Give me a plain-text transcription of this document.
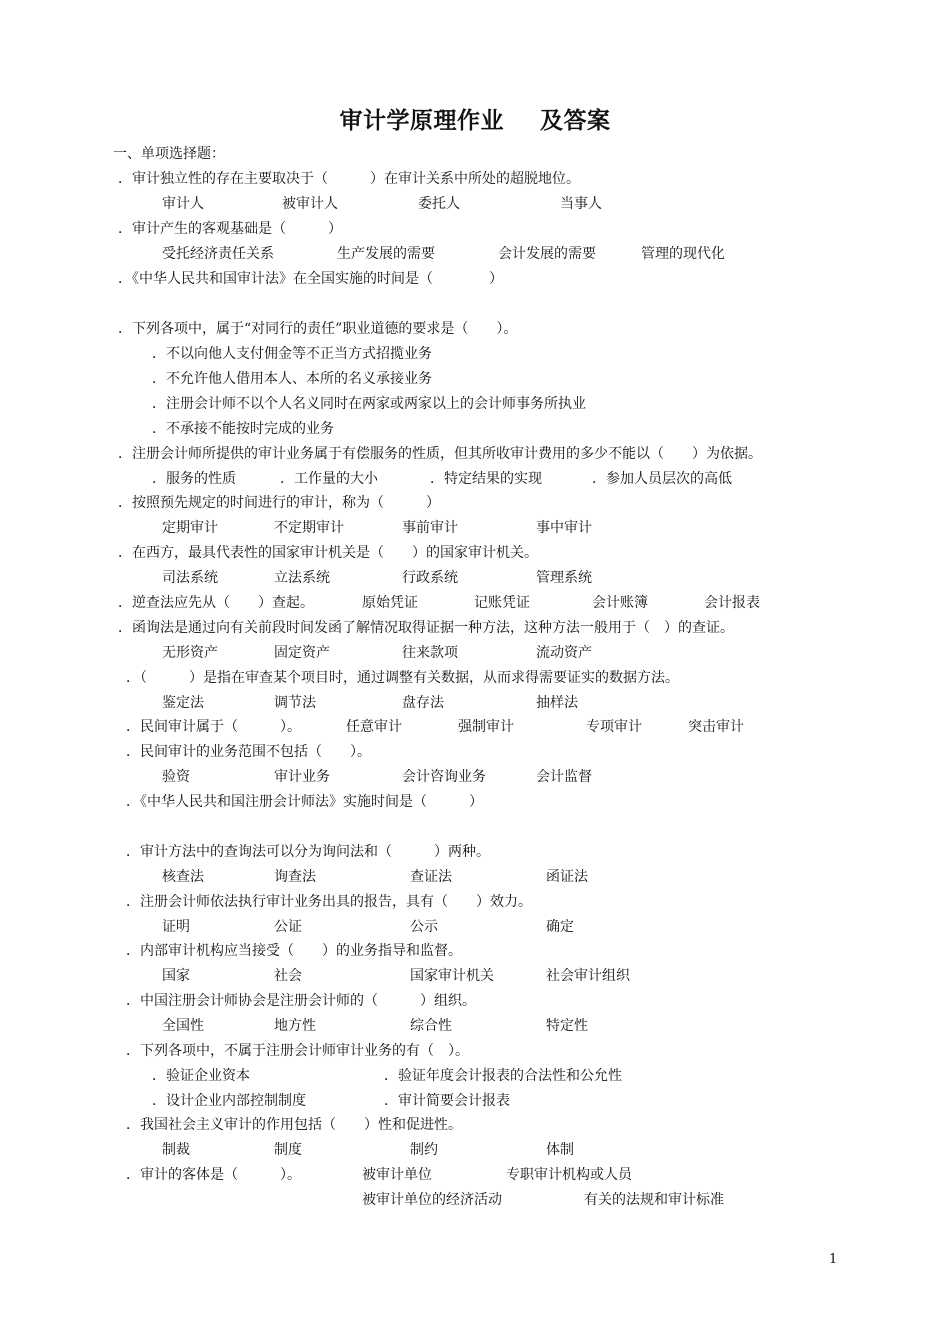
审计学原理作业 及答案
一、单项选择题：
．审计独立性的存在主要取决于（　　　）在审计关系中所处的超脱地位。
审计人	被审计人	委托人	当事人
．审计产生的客观基础是（　　　）
受托经济责任关系	生产发展的需要	会计发展的需要	管理的现代化
．《中华人民共和国审计法》在全国实施的时间是（　　　　）
．下列各项中，属于“对同行的责任”职业道德的要求是（　　）。
．不以向他人支付佣金等不正当方式招揽业务
．不允许他人借用本人、本所的名义承接业务
．注册会计师不以个人名义同时在两家或两家以上的会计师事务所执业
．不承接不能按时完成的业务
．注册会计师所提供的审计业务属于有偿服务的性质，但其所收审计费用的多少不能以（　　）为依据。
．服务的性质	．工作量的大小	．特定结果的实现	．参加人员层次的高低
．按照预先规定的时间进行的审计，称为（　　　）
定期审计	不定期审计	事前审计	事中审计
．在西方，最具代表性的国家审计机关是（　　）的国家审计机关。
司法系统	立法系统	行政系统	管理系统
．逆查法应先从（　　）查起。	原始凭证	记账凭证	会计账簿	会计报表
．函询法是通过向有关前段时间发函了解情况取得证据一种方法，这种方法一般用于（　）的查证。
无形资产	固定资产	往来款项	流动资产
．（　　　）是指在审查某个项目时，通过调整有关数据，从而求得需要证实的数据方法。
鉴定法	调节法	盘存法	抽样法
．民间审计属于（　　　）。	任意审计	强制审计	专项审计	突击审计
．民间审计的业务范围不包括（　　）。
验资	审计业务	会计咨询业务	会计监督
．《中华人民共和国注册会计师法》实施时间是（　　　）
．审计方法中的查询法可以分为询问法和（　　　）两种。
核查法	询查法	查证法	函证法
．注册会计师依法执行审计业务出具的报告，具有（　　）效力。
证明	公证	公示	确定
．内部审计机构应当接受（　　）的业务指导和监督。
国家	社会	国家审计机关	社会审计组织
．中国注册会计师协会是注册会计师的（　　　）组织。
全国性	地方性	综合性	特定性
．下列各项中，不属于注册会计师审计业务的有（　）。
．验证企业资本	．验证年度会计报表的合法性和公允性
．设计企业内部控制制度	．审计简要会计报表
．我国社会主义审计的作用包括（　　）性和促进性。
制裁	制度	制约	体制
．审计的客体是（　　　）。	被审计单位	专职审计机构或人员
被审计单位的经济活动	有关的法规和审计标准
1
